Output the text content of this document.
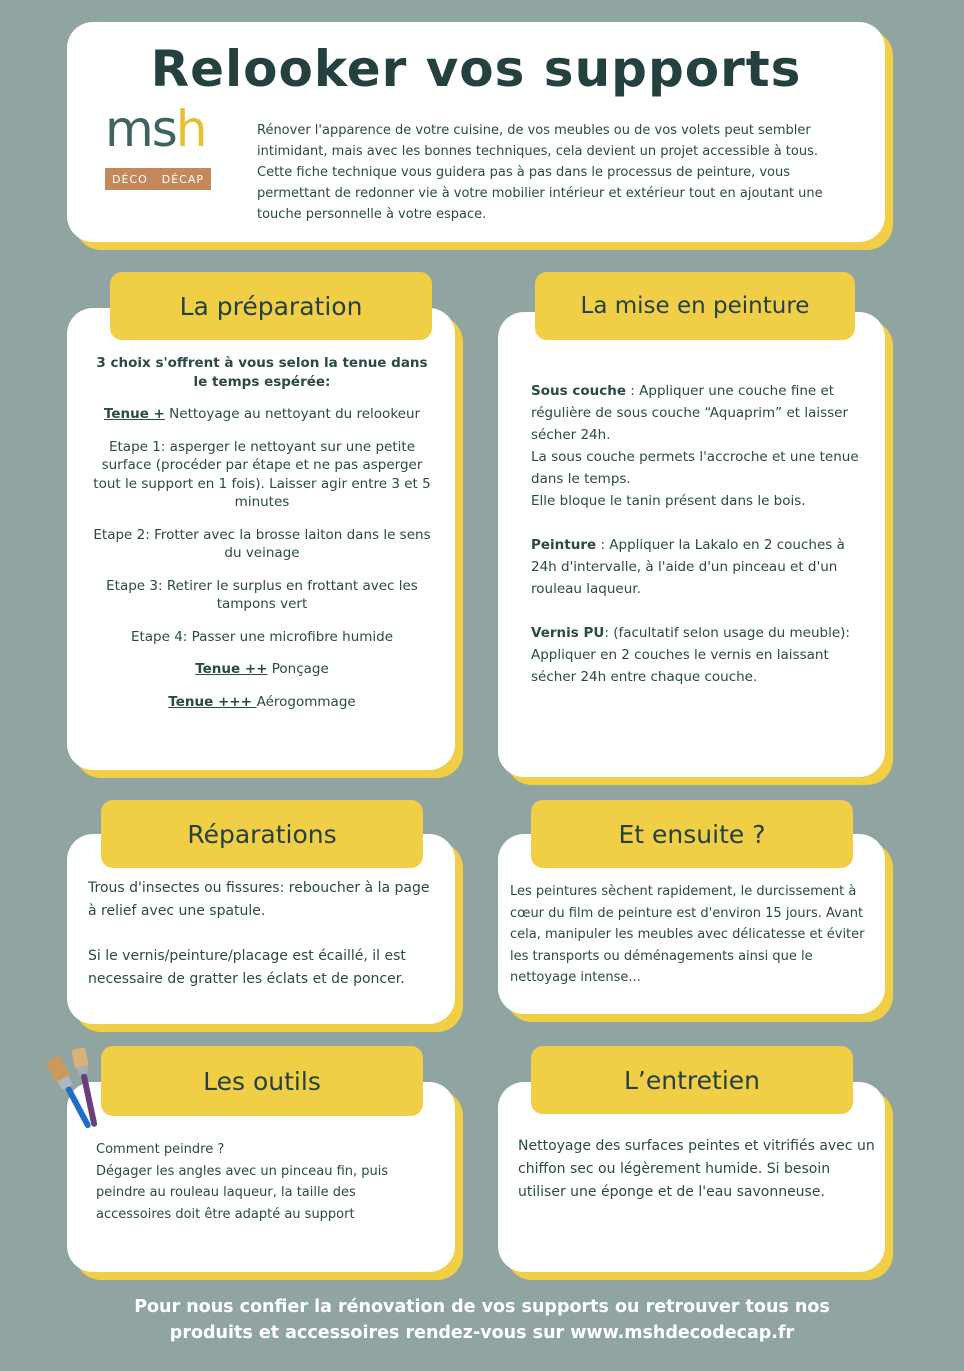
Relooker vos supports
msh
DÉCO DÉCAP
Rénover l'apparence de votre cuisine, de vos meubles ou de vos volets peut sembler intimidant, mais avec les bonnes techniques, cela devient un projet accessible à tous. Cette fiche technique vous guidera pas à pas dans le processus de peinture, vous permettant de redonner vie à votre mobilier intérieur et extérieur tout en ajoutant une touche personnelle à votre espace.
La préparation

3 choix s'offrent à vous selon la tenue dans le temps espérée:

Tenue + Nettoyage au nettoyant du relookeur

Etape 1: asperger le nettoyant sur une petite surface (procéder par étape et ne pas asperger tout le support en 1 fois). Laisser agir entre 3 et 5 minutes

Etape 2: Frotter avec la brosse laiton dans le sens du veinage

Etape 3: Retirer le surplus en frottant avec les tampons vert

Etape 4: Passer une microfibre humide

Tenue ++ Ponçage

Tenue +++ Aérogommage

La mise en peinture

Sous couche : Appliquer une couche fine et régulière de sous couche “Aquaprim” et laisser sécher 24h.

La sous couche permets l'accroche et une tenue dans le temps.

Elle bloque le tanin présent dans le bois.

Peinture : Appliquer la Lakalo en 2 couches à 24h d'intervalle, à l'aide d'un pinceau et d'un rouleau laqueur.

Vernis PU: (facultatif selon usage du meuble): Appliquer en 2 couches le vernis en laissant sécher 24h entre chaque couche.

Réparations

Trous d'insectes ou fissures: reboucher à la page à relief avec une spatule.

Si le vernis/peinture/placage est écaillé, il est necessaire de gratter les éclats et de poncer.

Et ensuite ?
Les peintures sèchent rapidement, le durcissement à cœur du film de peinture est d'environ 15 jours. Avant cela, manipuler les meubles avec délicatesse et éviter les transports ou déménagements ainsi que le nettoyage intense...
Les outils

Comment peindre ?

Dégager les angles avec un pinceau fin, puis peindre au rouleau laqueur, la taille des accessoires doit être adapté au support

L’entretien
Nettoyage des surfaces peintes et vitrifiés avec un chiffon sec ou légèrement humide. Si besoin utiliser une éponge et de l'eau savonneuse.
Pour nous confier la rénovation de vos supports ou retrouver tous nos produits et accessoires rendez-vous sur www.mshdecodecap.fr
